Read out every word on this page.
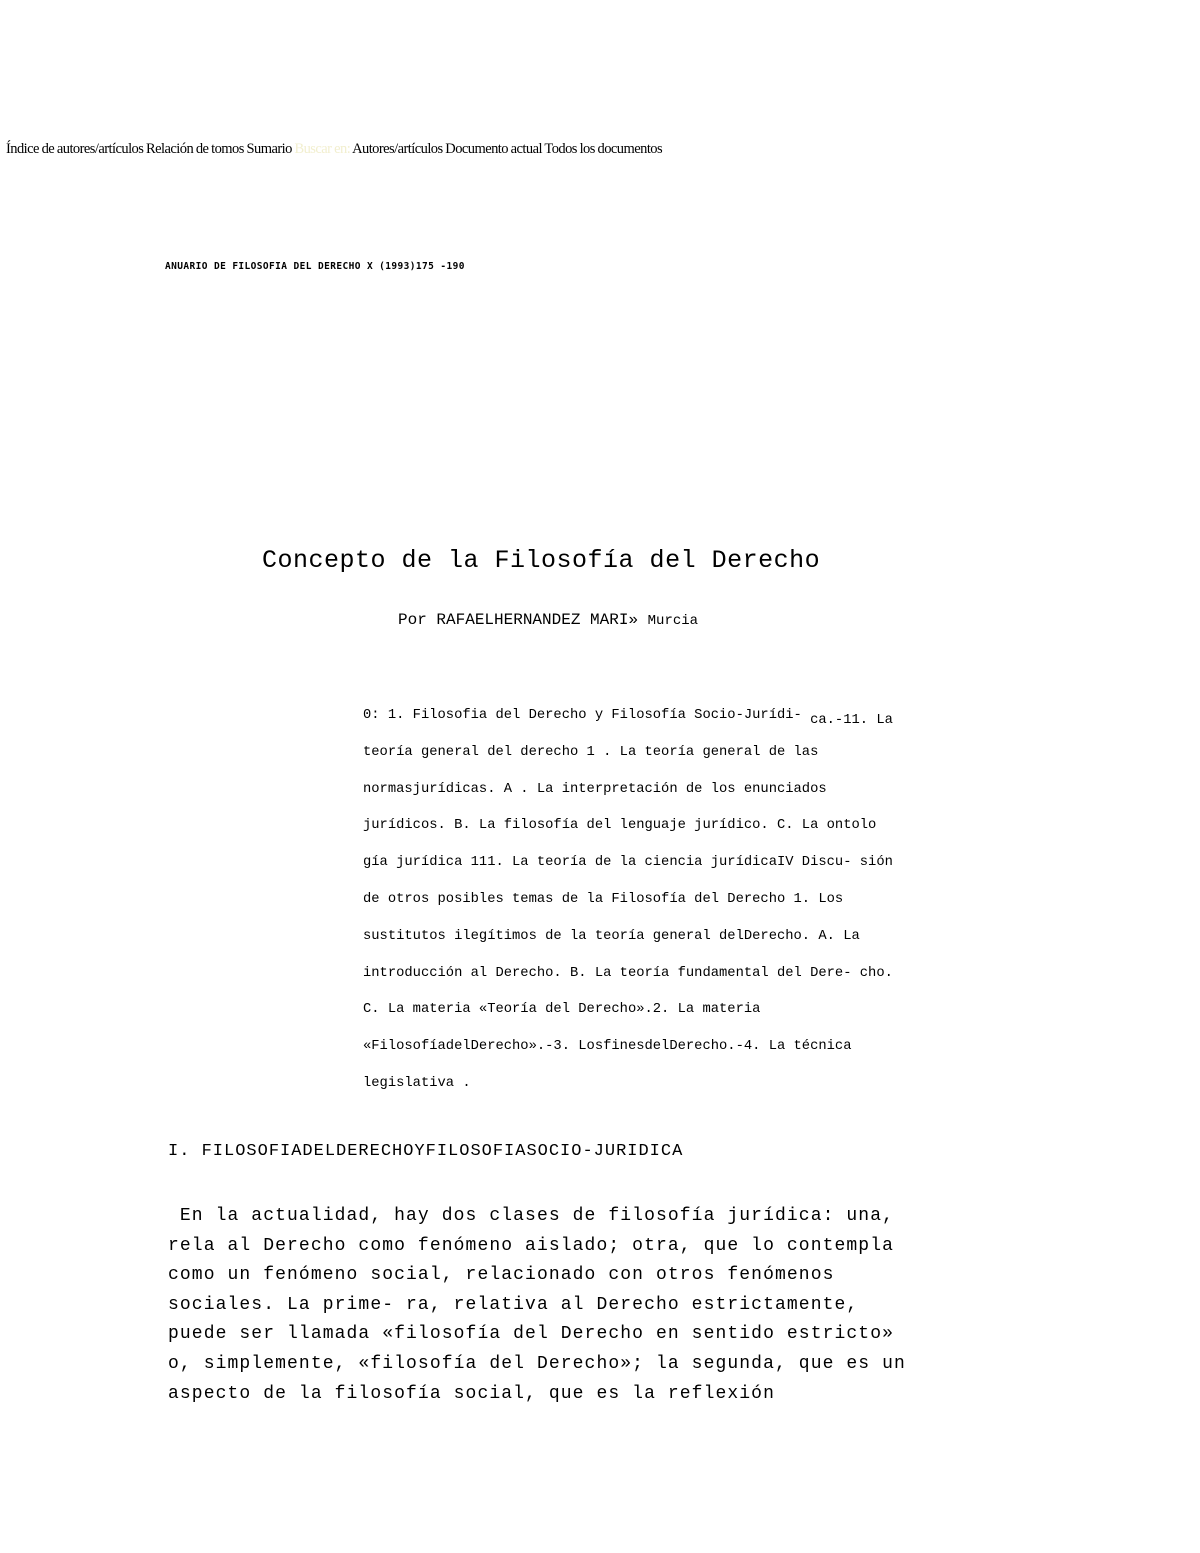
Índice de autores/artículos Relación de tomos Sumario Buscar en: Autores/artículos Documento actual Todos los documentos
ANUARIO DE FILOSOFIA DEL DERECHO X (1993)175 -190
Concepto de la Filosofía del Derecho
Por RAFAELHERNANDEZ MARI» Murcia
0: 1. Filosofia del Derecho y Filosofía Socio-Jurídi- ca.-11. La
teoría general del derecho 1 . La teoría general de las
normasjurídicas. A . La interpretación de los enunciados
jurídicos. B. La filosofía del lenguaje jurídico. C. La ontolo
gía jurídica 111. La teoría de la ciencia jurídicaIV Discu- sión
de otros posibles temas de la Filosofía del Derecho 1. Los
sustitutos ilegítimos de la teoría general delDerecho. A. La
introducción al Derecho. B. La teoría fundamental del Dere- cho.
C. La materia «Teoría del Derecho».2. La materia
«FilosofíadelDerecho».-3. LosfinesdelDerecho.-4. La técnica
legislativa .
I. FILOSOFIADELDERECHOYFILOSOFIASOCIO-JURIDICA
En la actualidad, hay dos clases de filosofía jurídica: una,
rela al Derecho como fenómeno aislado; otra, que lo contempla
como un fenómeno social, relacionado con otros fenómenos
sociales. La prime- ra, relativa al Derecho estrictamente,
puede ser llamada «filosofía del Derecho en sentido estricto»
o, simplemente, «filosofía del Derecho»; la segunda, que es un
aspecto de la filosofía social, que es la reflexión
